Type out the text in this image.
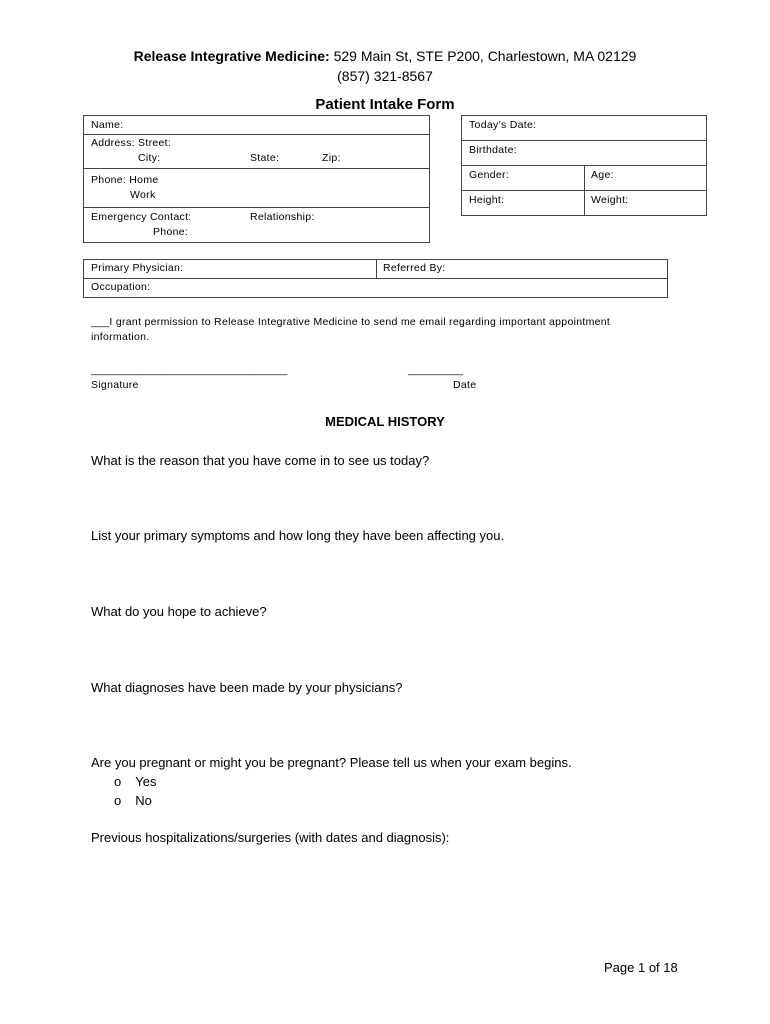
Release Integrative Medicine: 529 Main St, STE P200, Charlestown, MA 02129
(857) 321-8567
Patient Intake Form
Name:
Address: Street:
City:	State:	Zip:
Phone: Home
Work
Emergency Contact:	Relationship:
Phone:
Today’s Date:
Birthdate:
Gender:	Age:
Height:	Weight:
Primary Physician:	Referred By:
Occupation:
___I grant permission to Release Integrative Medicine to send me email regarding important appointment
information.
________________________________	_________
Signature	Date
MEDICAL HISTORY
What is the reason that you have come in to see us today?
List your primary symptoms and how long they have been affecting you.
What do you hope to achieve?
What diagnoses have been made by your physicians?
Are you pregnant or might you be pregnant? Please tell us when your exam begins.
o Yes
o No
Previous hospitalizations/surgeries (with dates and diagnosis):
Page 1 of 18
